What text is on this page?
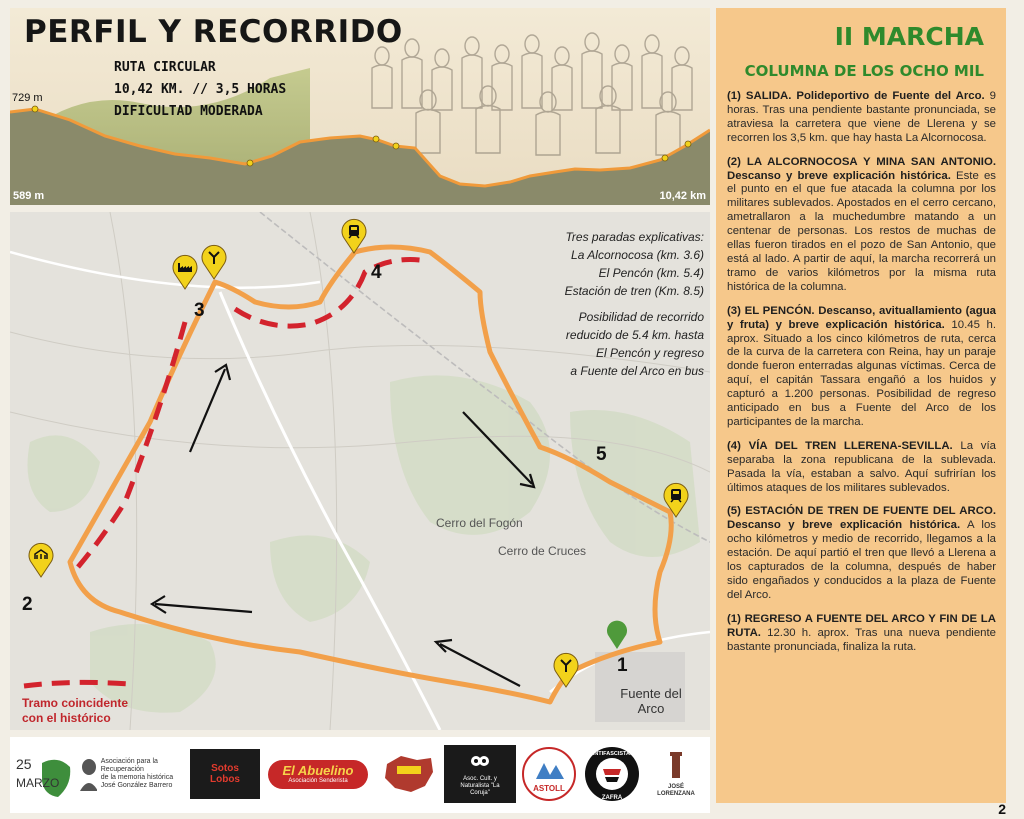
PERFIL Y RECORRIDO
RUTA CIRCULAR
10,42 KM. // 3,5 HORAS
DIFICULTAD MODERADA
729 m
589 m	10,42 km
1
2
3
4
5
Cerro del Fogón
Cerro de Cruces
Fuente del
Arco
Tres paradas explicativas:
La Alcornocosa (km. 3.6)
El Pencón (km. 5.4)
Estación de tren (Km. 8.5)
Posibilidad de recorrido
reducido de 5.4 km. hasta
El Pencón y regreso
a Fuente del Arco en bus
Tramo coincidente
con el histórico
25
MARZO
Asociación para la Recuperación
de la memoria histórica
José González Barrero
Sotos
Lobos
El Abuelino
Asociación Senderista	Asoc. Cult. y
Naturalista "La
Coruja"	ASTOLL
ANTIFASCISTAS
ZAFRA
JOSÉ
LORENZANA
II MARCHA
COLUMNA DE LOS OCHO MIL

(1) SALIDA. Polideportivo de Fuente del Arco. 9 horas. Tras una pendiente bastante pronunciada, se atraviesa la carretera que viene de Llerena y se recorren los 3,5 km. que hay hasta La Alcornocosa.

(2) LA ALCORNOCOSA Y MINA SAN ANTONIO. Descanso y breve explicación histórica. Este es el punto en el que fue atacada la columna por los militares sublevados. Apostados en el cerro cercano, ametrallaron a la muchedumbre matando a un centenar de personas. Los restos de muchas de ellas fueron tirados en el pozo de San Antonio, que está al lado. A partir de aquí, la marcha recorrerá un tramo de varios kilómetros por la misma ruta histórica de la columna.

(3) EL PENCÓN. Descanso, avituallamiento (agua y fruta) y breve explicación histórica. 10.45 h. aprox. Situado a los cinco kilómetros de ruta, cerca de la curva de la carretera con Reina, hay un paraje donde fueron enterradas algunas víctimas. Cerca de aquí, el capitán Tassara engañó a los huidos y capturó a 1.200 personas. Posibilidad de regreso anticipado en bus a Fuente del Arco de los participantes de la marcha.

(4) VÍA DEL TREN LLERENA-SEVILLA. La vía separaba la zona republicana de la sublevada. Pasada la vía, estaban a salvo. Aquí sufrirían los últimos ataques de los militares sublevados.

(5) ESTACIÓN DE TREN DE FUENTE DEL ARCO. Descanso y breve explicación histórica. A los ocho kilómetros y medio de recorrido, llegamos a la estación. De aquí partió el tren que llevó a Llerena a los capturados de la columna, después de haber sido engañados y conducidos a la plaza de Fuente del Arco.

(1) REGRESO A FUENTE DEL ARCO Y FIN DE LA RUTA. 12.30 h. aprox. Tras una nueva pendiente bastante pronunciada, finaliza la ruta.

2
